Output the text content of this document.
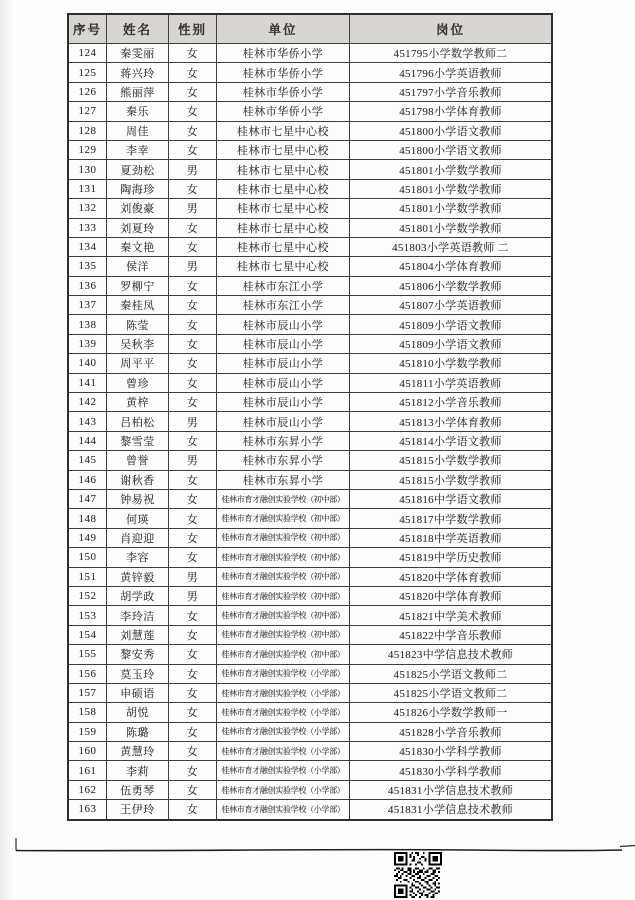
序号	姓名	性别	单位	岗位
124	秦雯丽	女	桂林市华侨小学	451795小学数学教师二
125	蒋兴玲	女	桂林市华侨小学	451796小学英语教师
126	熊丽萍	女	桂林市华侨小学	451797小学音乐教师
127	秦乐	女	桂林市华侨小学	451798小学体育教师
128	周佳	女	桂林市七星中心校	451800小学语文教师
129	李幸	女	桂林市七星中心校	451800小学语文教师
130	夏劲松	男	桂林市七星中心校	451801小学数学教师
131	陶海珍	女	桂林市七星中心校	451801小学数学教师
132	刘俊豪	男	桂林市七星中心校	451801小学数学教师
133	刘夏玲	女	桂林市七星中心校	451801小学数学教师
134	秦文艳	女	桂林市七星中心校	451803小学英语教师 二
135	侯洋	男	桂林市七星中心校	451804小学体育教师
136	罗柳宁	女	桂林市东江小学	451806小学数学教师
137	秦桂凤	女	桂林市东江小学	451807小学英语教师
138	陈莹	女	桂林市辰山小学	451809小学语文教师
139	吴秋李	女	桂林市辰山小学	451809小学语文教师
140	周平平	女	桂林市辰山小学	451810小学数学教师
141	曾珍	女	桂林市辰山小学	451811小学英语教师
142	黄梓	女	桂林市辰山小学	451812小学音乐教师
143	吕柏松	男	桂林市辰山小学	451813小学体育教师
144	黎雪莹	女	桂林市东昇小学	451814小学语文教师
145	曾誉	男	桂林市东昇小学	451815小学数学教师
146	谢秋香	女	桂林市东昇小学	451815小学数学教师
147	钟易祝	女	桂林市育才融创实验学校（初中部）	451816中学语文教师
148	何瑛	女	桂林市育才融创实验学校（初中部）	451817中学数学教师
149	肖迎迎	女	桂林市育才融创实验学校（初中部）	451818中学英语教师
150	李容	女	桂林市育才融创实验学校（初中部）	451819中学历史教师
151	黄锌毅	男	桂林市育才融创实验学校（初中部）	451820中学体育教师
152	胡学政	男	桂林市育才融创实验学校（初中部）	451820中学体育教师
153	李玲洁	女	桂林市育才融创实验学校（初中部）	451821中学美术教师
154	刘慧莲	女	桂林市育才融创实验学校（初中部）	451822中学音乐教师
155	黎安秀	女	桂林市育才融创实验学校（初中部）	451823中学信息技术教师
156	莫玉玲	女	桂林市育才融创实验学校（小学部）	451825小学语文教师二
157	申硕语	女	桂林市育才融创实验学校（小学部）	451825小学语文教师二
158	胡悦	女	桂林市育才融创实验学校（小学部）	451826小学数学教师一
159	陈璐	女	桂林市育才融创实验学校（小学部）	451828小学音乐教师
160	黄慧玲	女	桂林市育才融创实验学校（小学部）	451830小学科学教师
161	李莉	女	桂林市育才融创实验学校（小学部）	451830小学科学教师
162	伍勇琴	女	桂林市育才融创实验学校（小学部）	451831小学信息技术教师
163	王伊玲	女	桂林市育才融创实验学校（小学部）	451831小学信息技术教师
